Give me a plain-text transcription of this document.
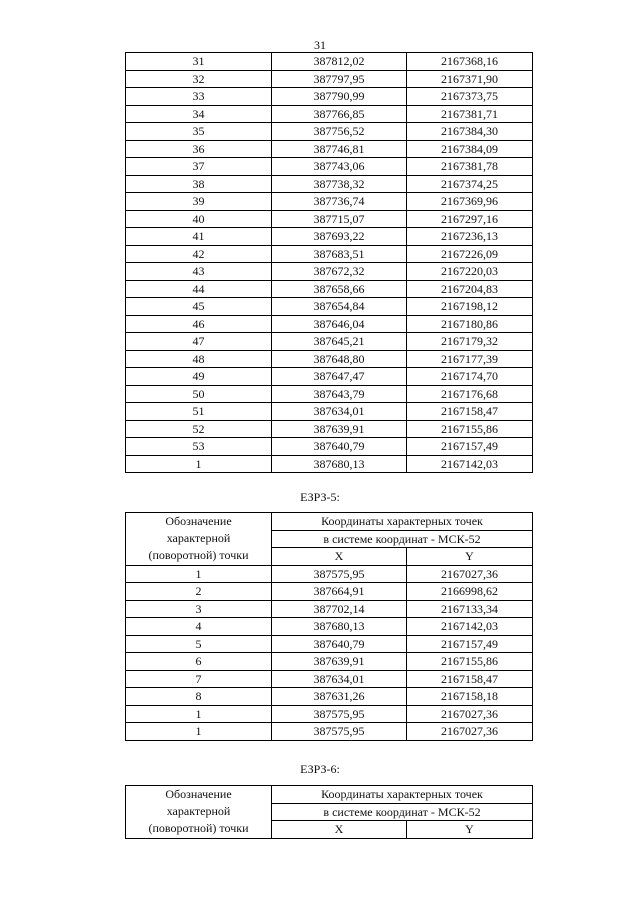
31
31	387812,02	2167368,16
32	387797,95	2167371,90
33	387790,99	2167373,75
34	387766,85	2167381,71
35	387756,52	2167384,30
36	387746,81	2167384,09
37	387743,06	2167381,78
38	387738,32	2167374,25
39	387736,74	2167369,96
40	387715,07	2167297,16
41	387693,22	2167236,13
42	387683,51	2167226,09
43	387672,32	2167220,03
44	387658,66	2167204,83
45	387654,84	2167198,12
46	387646,04	2167180,86
47	387645,21	2167179,32
48	387648,80	2167177,39
49	387647,47	2167174,70
50	387643,79	2167176,68
51	387634,01	2167158,47
52	387639,91	2167155,86
53	387640,79	2167157,49
1	387680,13	2167142,03
ЕЗРЗ-5:
Обозначение
характерной
(поворотной) точки	Координаты характерных точек	
	в системе координат - МСК-52	
	X	Y
1	387575,95	2167027,36
2	387664,91	2166998,62
3	387702,14	2167133,34
4	387680,13	2167142,03
5	387640,79	2167157,49
6	387639,91	2167155,86
7	387634,01	2167158,47
8	387631,26	2167158,18
1	387575,95	2167027,36
1	387575,95	2167027,36
ЕЗРЗ-6:
Обозначение
характерной
(поворотной) точки	Координаты характерных точек	
	в системе координат - МСК-52	
	X	Y
